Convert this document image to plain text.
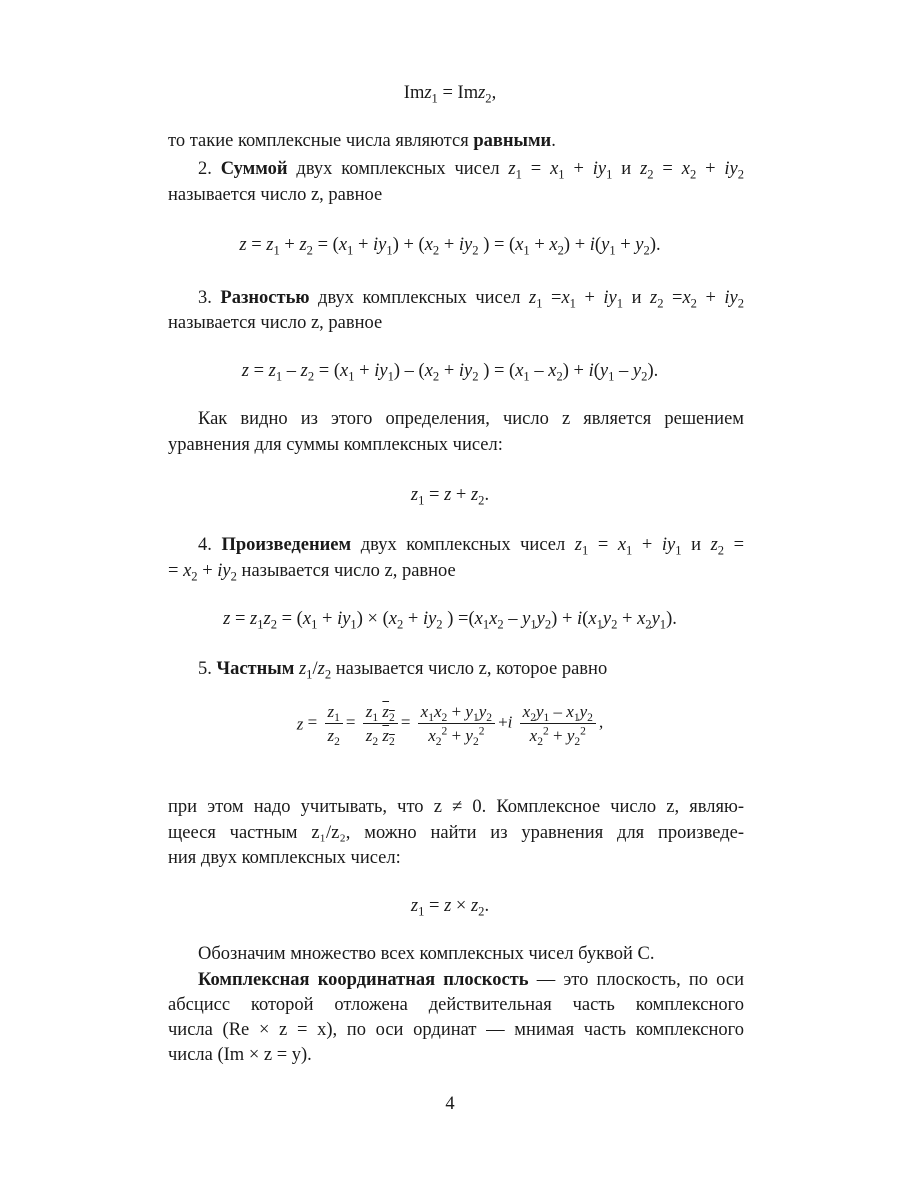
Imz$_1$ = Imz$_2$,
то такие комплексные числа являются равными.
2. Суммой двух комплексных чисел $z_1 = x_1 + iy_1$ и $z_2 = x_2 + iy_2$
называется число z, равное
$z = z_1 + z_2 = (x_1 + iy_1) + (x_2 + iy_2$ ) = $(x_1 + x_2) + i(y_1 + y_2)$.
3. Разностью двух комплексных чисел $z_1 =x_1 + iy_1$ и $z_2 =x_2 + iy_2$
называется число z, равное
$z = z_1 - z_2 = (x_1 + iy_1) - (x_2 + iy_2$ ) = $(x_1 - x_2) + i(y_1 - y_2)$.
Как видно из этого определения, число z является решением
уравнения для суммы комплексных чисел:
$z_1 = z + z_2$.
4. Произведением двух комплексных чисел $z_1 = x_1 + iy_1$ и $z_2$ =
= $x_2 + iy_2$ называется число z, равное
$z = z_1z_2 = (x_1 + iy_1) \times (x_2 + iy_2$ ) $=(x_1x_2 - y_1y_2) + i(x_1y_2 + x_2y_1)$.
5. Частным $z_1/z_2$ называется число z, которое равно
$z = \frac{z_1}{z_2} = \frac{z_1 z_2}{z_2 z_2} = \frac{x_1x_2 + y_1y_2}{x_2^2 + y_2^2} +i \frac{x_2y_1 - x_1y_2}{x_2^2 + y_2^2}$ ,
при этом надо учитывать, что z ≠ 0. Комплексное число z, являю-
щееся частным z₁/z₂, можно найти из уравнения для произведе-
ния двух комплексных чисел:
$z_1 = z \times z_2$.
Обозначим множество всех комплексных чисел буквой C.
Комплексная координатная плоскость — это плоскость, по оси
абсцисс которой отложена действительная часть комплексного
числа (Re × z = x), по оси ординат — мнимая часть комплексного
числа (Im × z = y).
4
